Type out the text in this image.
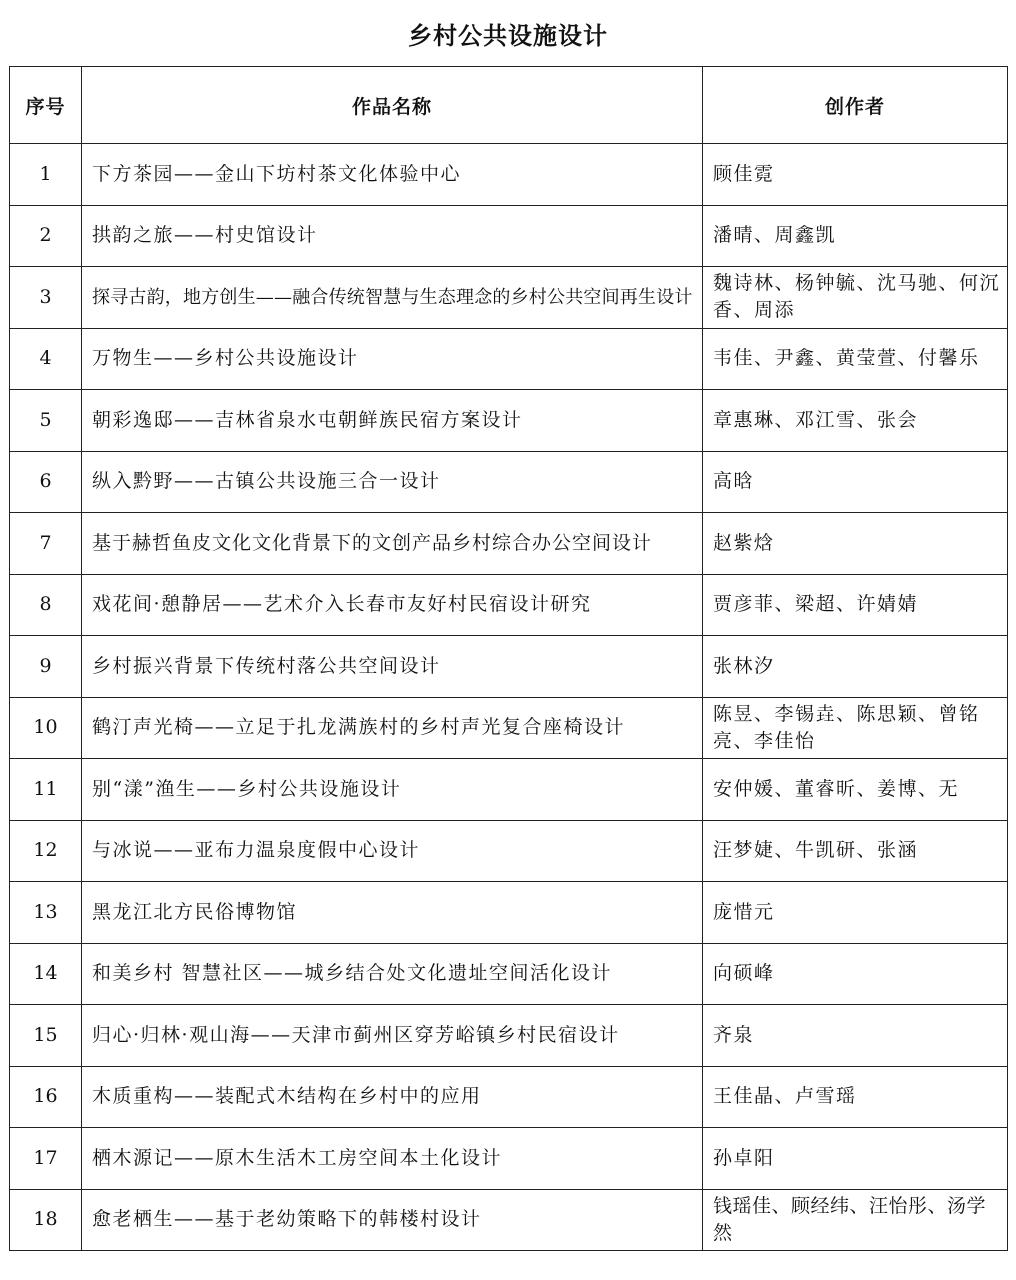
乡村公共设施设计
序号	作品名称	创作者
1	下方茶园——金山下坊村茶文化体验中心	顾佳霓
2	拱韵之旅——村史馆设计	潘晴、周鑫凯
3	探寻古韵，地方创生——融合传统智慧与生态理念的乡村公共空间再生设计	魏诗林、杨钟毓、沈马驰、何沉香、周添
4	万物生——乡村公共设施设计	韦佳、尹鑫、黄莹萱、付馨乐
5	朝彩逸邸——吉林省泉水屯朝鲜族民宿方案设计	章惠琳、邓江雪、张会
6	纵入黔野——古镇公共设施三合一设计	高晗
7	基于赫哲鱼皮文化文化背景下的文创产品乡村综合办公空间设计	赵紫焓
8	戏花间·憩静居——艺术介入长春市友好村民宿设计研究	贾彦菲、梁超、许婧婧
9	乡村振兴背景下传统村落公共空间设计	张林汐
10	鹤汀声光椅——立足于扎龙满族村的乡村声光复合座椅设计	陈昱、李锡垚、陈思颖、曾铭亮、李佳怡
11	别“漾”渔生——乡村公共设施设计	安仲媛、董睿昕、姜博、无
12	与冰说——亚布力温泉度假中心设计	汪梦婕、牛凯研、张涵
13	黑龙江北方民俗博物馆	庞惜元
14	和美乡村 智慧社区——城乡结合处文化遗址空间活化设计	向硕峰
15	归心·归林·观山海——天津市蓟州区穿芳峪镇乡村民宿设计	齐泉
16	木质重构——装配式木结构在乡村中的应用	王佳晶、卢雪瑶
17	栖木源记——原木生活木工房空间本土化设计	孙卓阳
18	愈老栖生——基于老幼策略下的韩楼村设计	钱瑶佳、顾经纬、汪怡彤、汤学然
